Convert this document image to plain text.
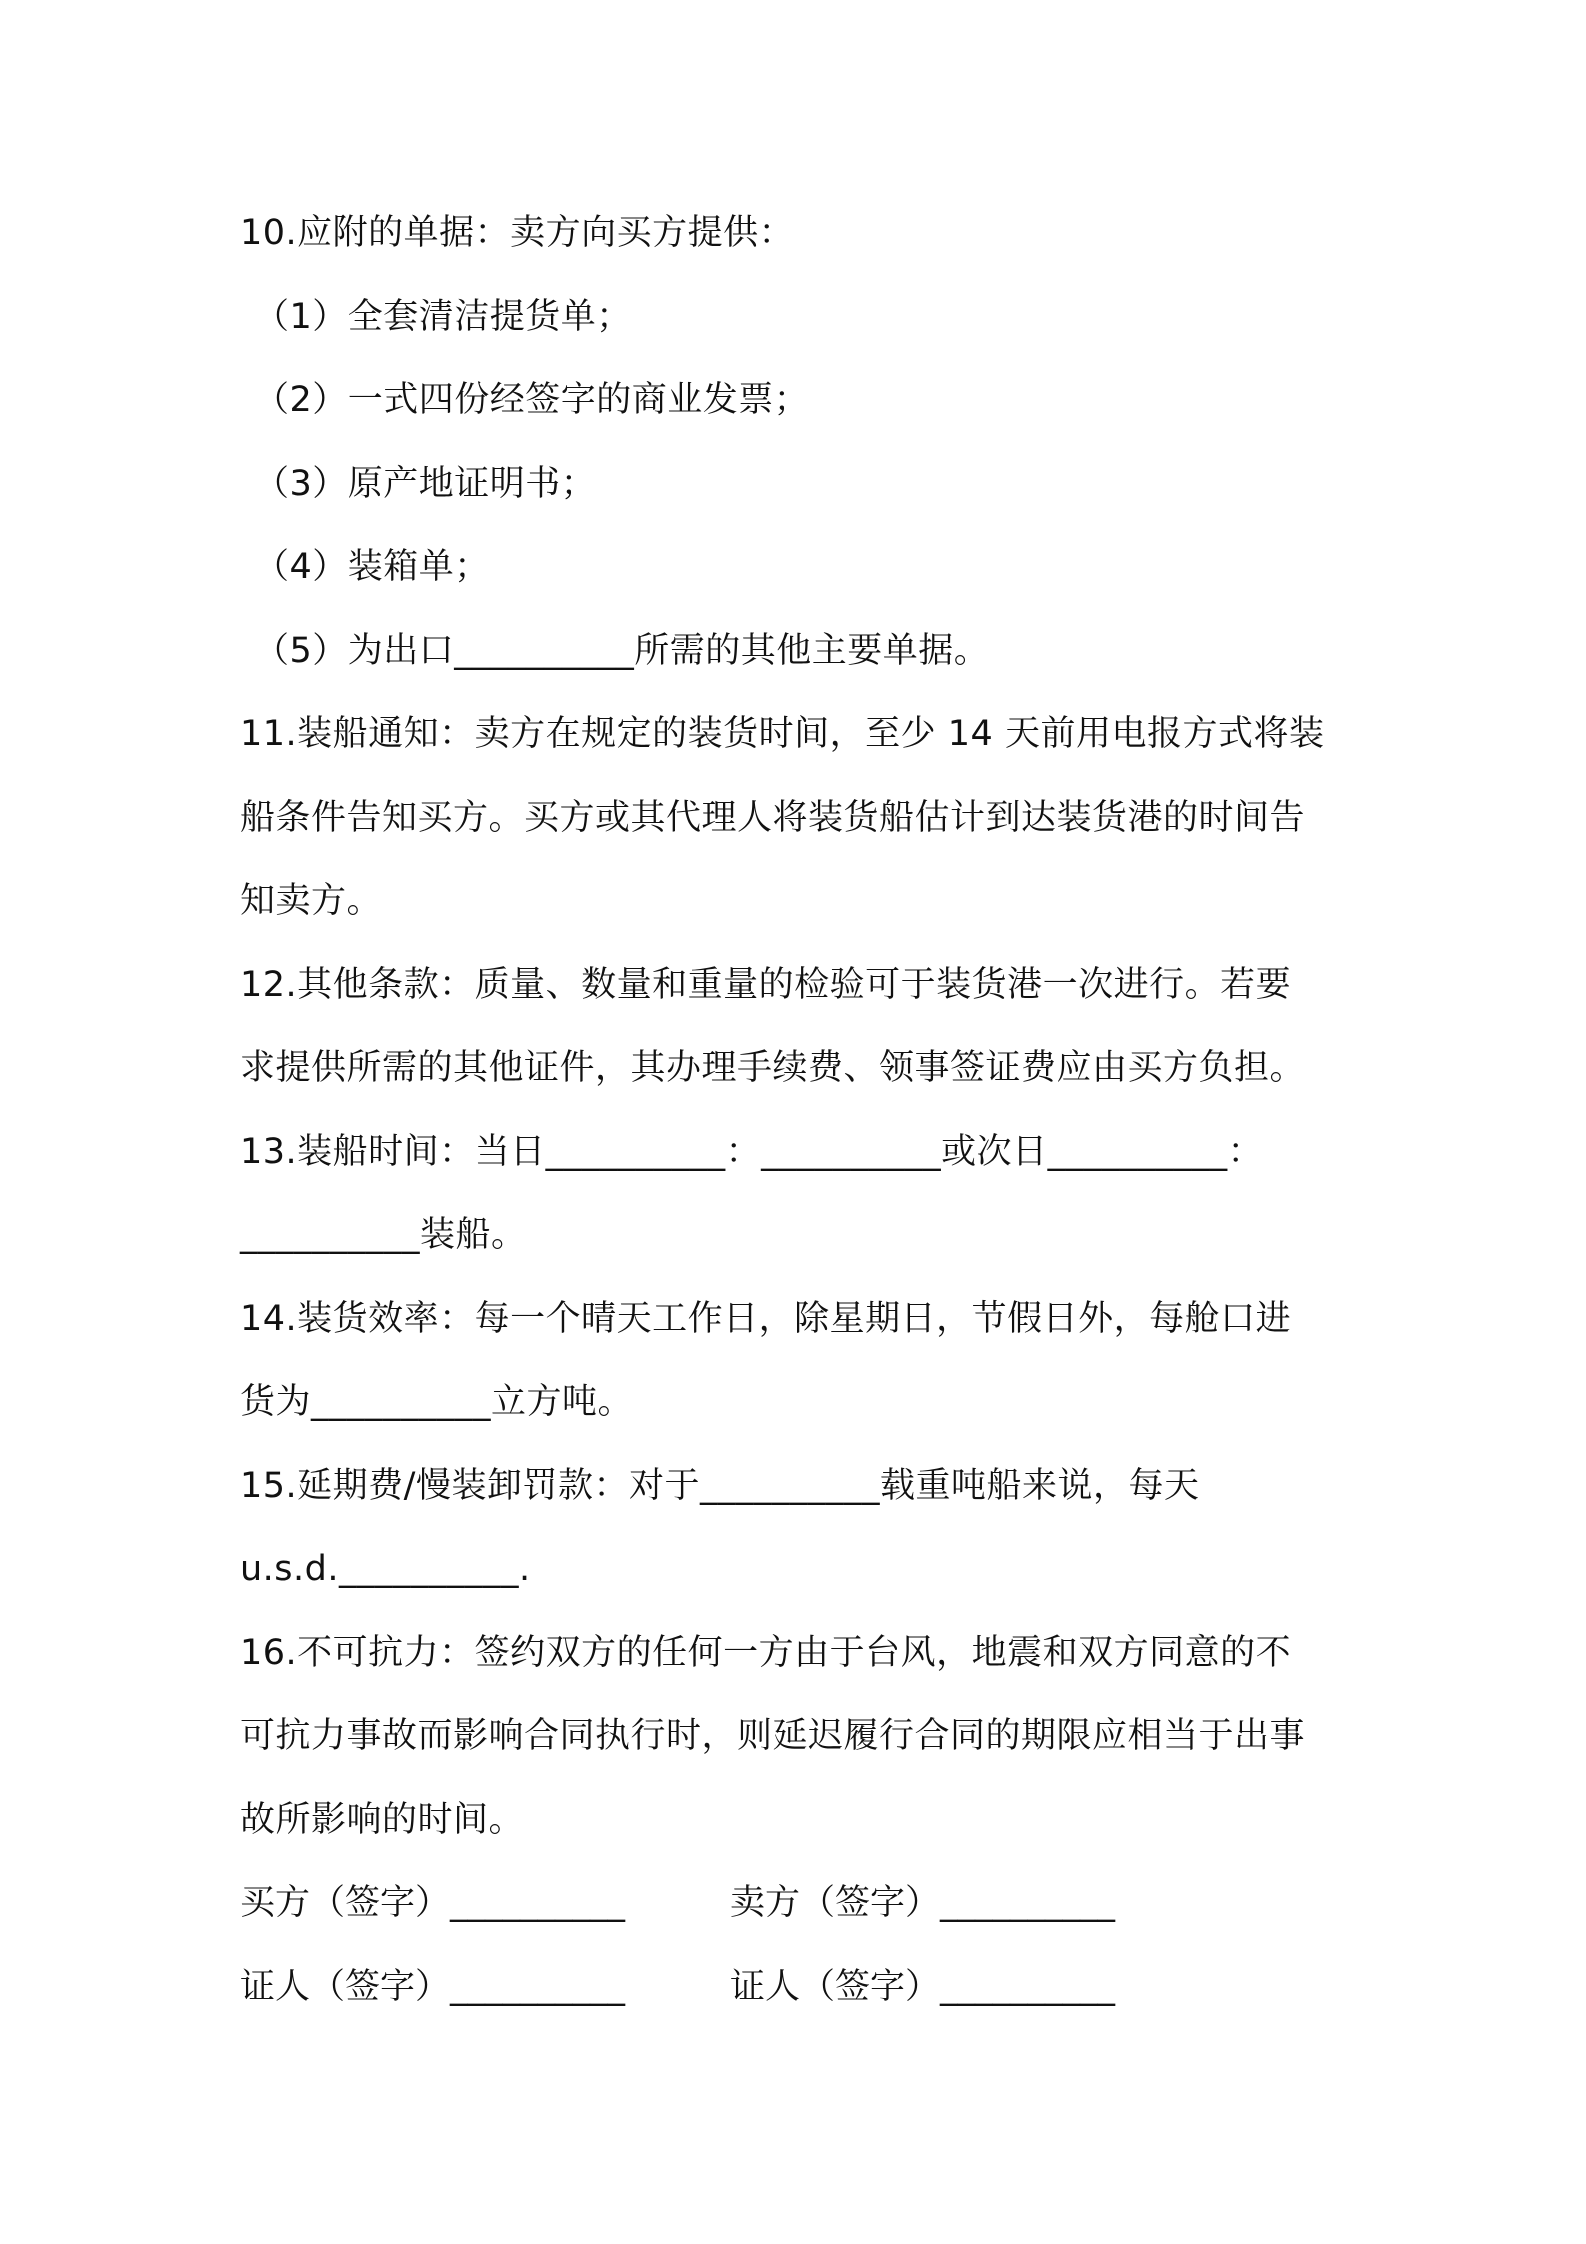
10.应附的单据：卖方向买方提供：
（1）全套清洁提货单；
（2）一式四份经签字的商业发票；
（3）原产地证明书；
（4）装箱单；
（5）为出口__________所需的其他主要单据。
11.装船通知：卖方在规定的装货时间，至少 14 天前用电报方式将装
船条件告知买方。买方或其代理人将装货船估计到达装货港的时间告
知卖方。
12.其他条款：质量、数量和重量的检验可于装货港一次进行。若要
求提供所需的其他证件，其办理手续费、领事签证费应由买方负担。
13.装船时间：当日__________：__________或次日__________：
__________装船。
14.装货效率：每一个晴天工作日，除星期日，节假日外，每舱口进
货为__________立方吨。
15.延期费/慢装卸罚款：对于__________载重吨船来说，每天
u.s.d.__________.
16.不可抗力：签约双方的任何一方由于台风，地震和双方同意的不
可抗力事故而影响合同执行时，则延迟履行合同的期限应相当于出事
故所影响的时间。
买方（签字）__________	卖方（签字）__________
证人（签字）__________	证人（签字）__________
